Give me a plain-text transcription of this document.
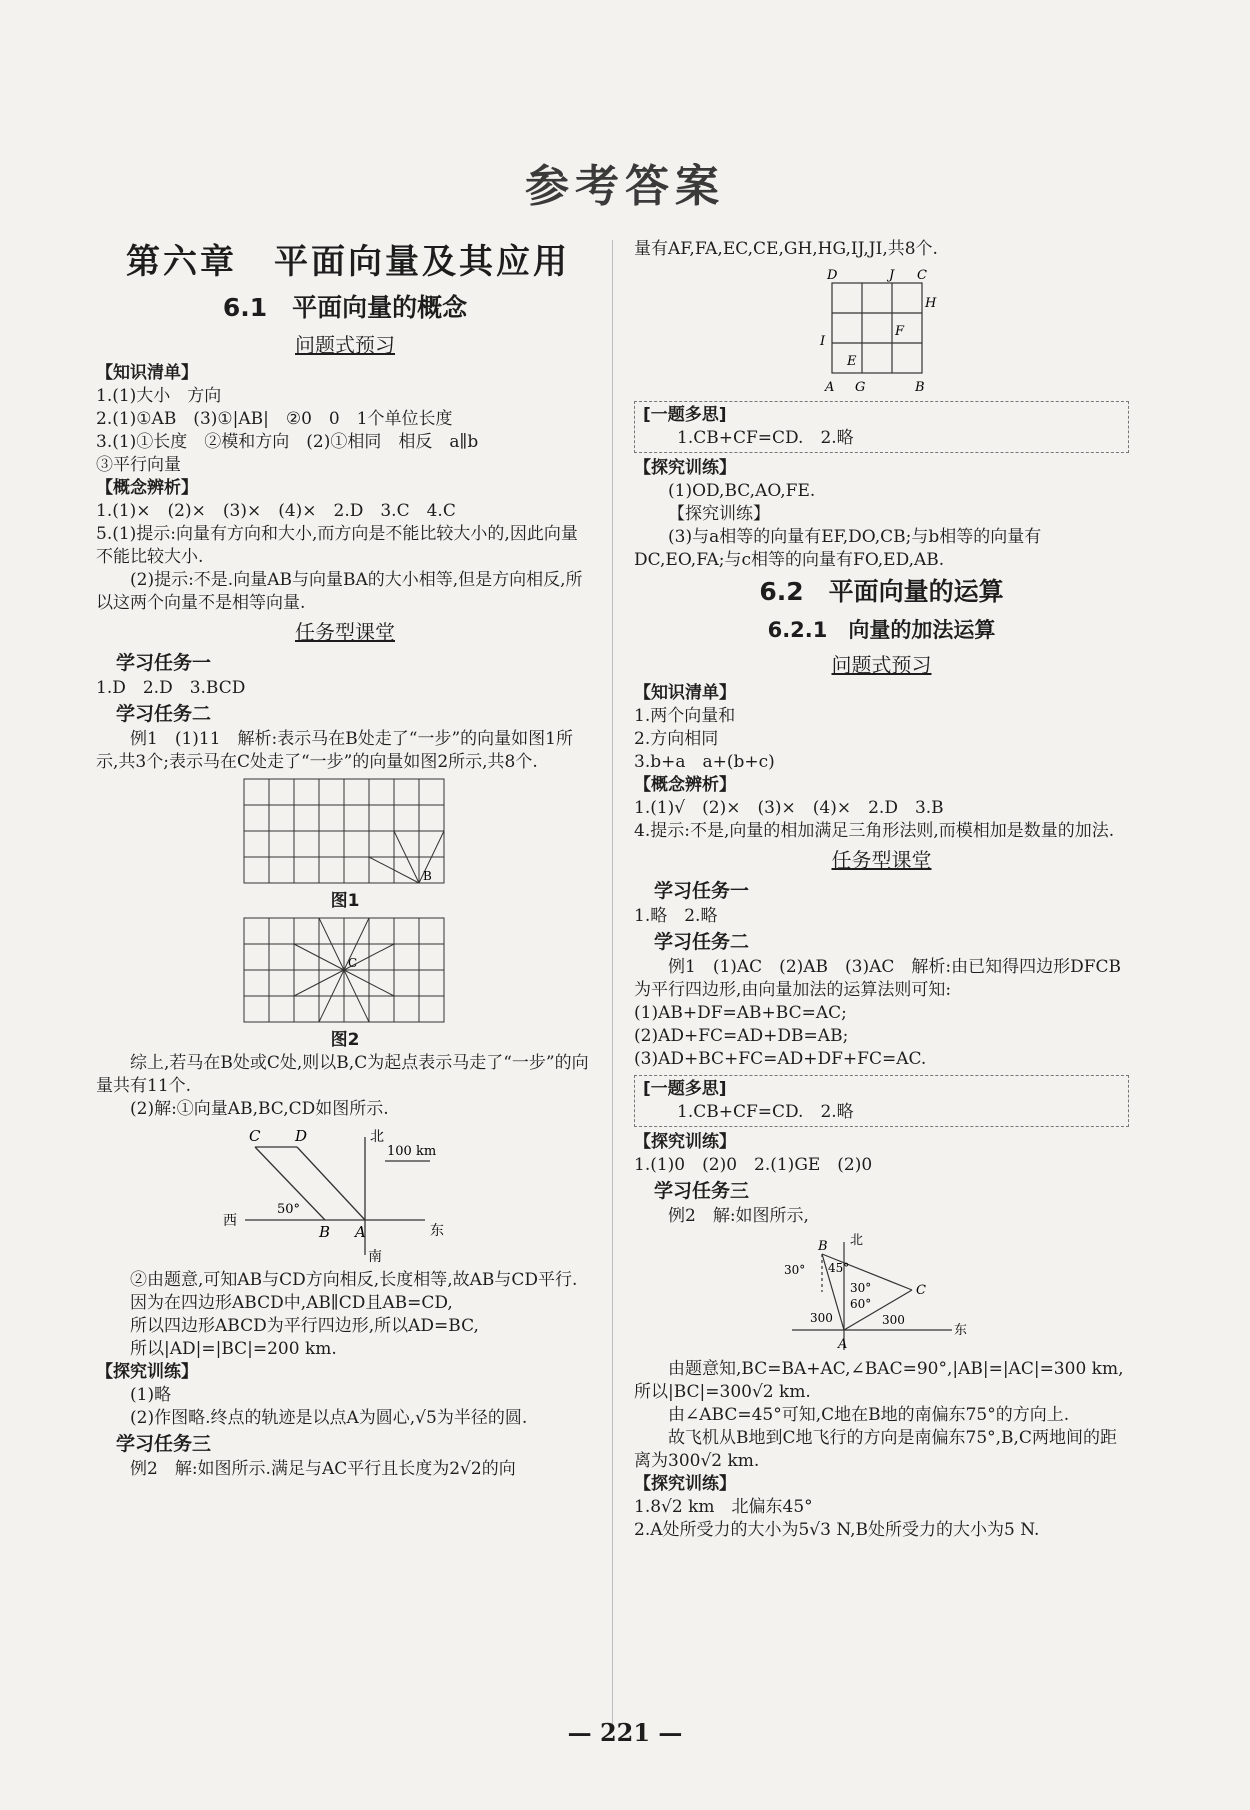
参考答案
第六章　平面向量及其应用
6.1　平面向量的概念
问题式预习

【知识清单】

1.(1)大小　方向

2.(1)①AB　(3)①|AB|　②0　0　1个单位长度

3.(1)①长度　②模和方向　(2)①相同　相反　a∥b

③平行向量

【概念辨析】

1.(1)×　(2)×　(3)×　(4)×　2.D　3.C　4.C

5.(1)提示:向量有方向和大小,而方向是不能比较大小的,因此向量不能比较大小.

(2)提示:不是.向量AB与向量BA的大小相等,但是方向相反,所以这两个向量不是相等向量.

任务型课堂

学习任务一

1.D　2.D　3.BCD

学习任务二

例1　(1)11　解析:表示马在B处走了“一步”的向量如图1所示,共3个;表示马在C处走了“一步”的向量如图2所示,共8个.

B

图1

C

图2

综上,若马在B处或C处,则以B,C为起点表示马走了“一步”的向量共有11个.

(2)解:①向量AB,BC,CD如图所示.

C D
B A
北
南
西
东
100 km
50°

②由题意,可知AB与CD方向相反,长度相等,故AB与CD平行.

因为在四边形ABCD中,AB∥CD且AB=CD,

所以四边形ABCD为平行四边形,所以AD=BC,

所以|AD|=|BC|=200 km.

【探究训练】

(1)略

(2)作图略.终点的轨迹是以点A为圆心,√5为半径的圆.

学习任务三

例2　解:如图所示.满足与AC平行且长度为2√2的向

量有AF,FA,EC,CE,GH,HG,IJ,JI,共8个.

D	J C
H
F
I
E
A G	B

[一题多思]

1.CB+CF=CD.　2.略

【探究训练】

(1)OD,BC,AO,FE.

【探究训练】

(3)与a相等的向量有EF,DO,CB;与b相等的向量有DC,EO,FA;与c相等的向量有FO,ED,AB.

6.2　平面向量的运算
6.2.1　向量的加法运算
问题式预习

【知识清单】

1.两个向量和

2.方向相同

3.b+a　a+(b+c)

【概念辨析】

1.(1)√　(2)×　(3)×　(4)×　2.D　3.B

4.提示:不是,向量的相加满足三角形法则,而模相加是数量的加法.

任务型课堂

学习任务一

1.略　2.略

学习任务二

例1　(1)AC　(2)AB　(3)AC　解析:由已知得四边形DFCB为平行四边形,由向量加法的运算法则可知:

(1)AB+DF=AB+BC=AC;

(2)AD+FC=AD+DB=AB;

(3)AD+BC+FC=AD+DF+FC=AC.

[一题多思]

1.CB+CF=CD.　2.略

【探究训练】

1.(1)0　(2)0　2.(1)GE　(2)0

学习任务三

例2　解:如图所示,

北
东
B
C
A
30° 45°
30°
60°
300	300

由题意知,BC=BA+AC,∠BAC=90°,|AB|=|AC|=300 km,所以|BC|=300√2 km.

由∠ABC=45°可知,C地在B地的南偏东75°的方向上.

故飞机从B地到C地飞行的方向是南偏东75°,B,C两地间的距离为300√2 km.

【探究训练】

1.8√2 km　北偏东45°

2.A处所受力的大小为5√3 N,B处所受力的大小为5 N.

— 221 —
